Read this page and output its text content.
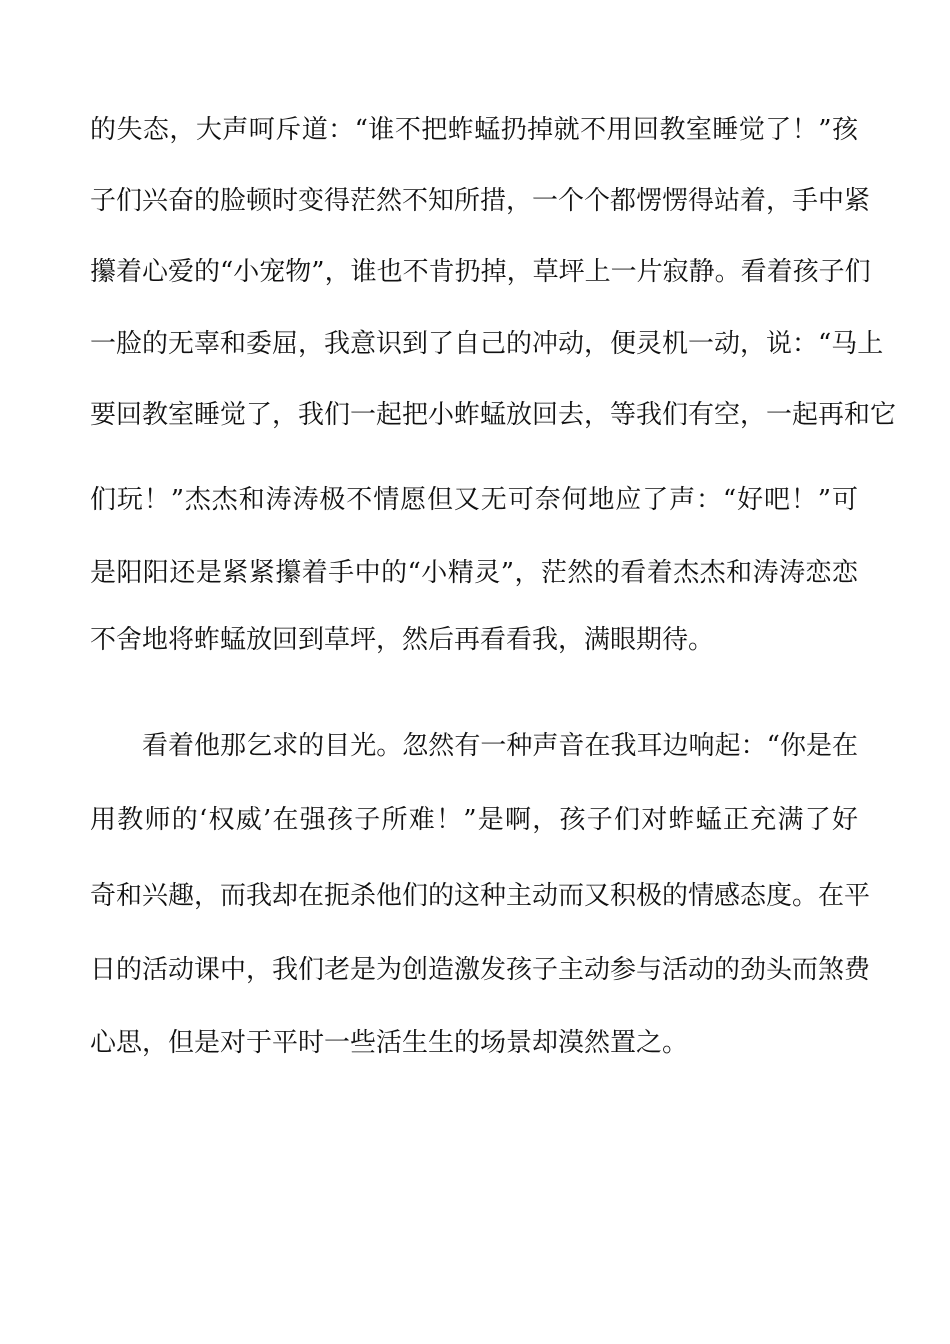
的失态，大声呵斥道：“谁不把蚱蜢扔掉就不用回教室睡觉了！”孩
子们兴奋的脸顿时变得茫然不知所措，一个个都愣愣得站着，手中紧
攥着心爱的“小宠物”，谁也不肯扔掉，草坪上一片寂静。看着孩子们
一脸的无辜和委屈，我意识到了自己的冲动，便灵机一动，说：“马上
要回教室睡觉了，我们一起把小蚱蜢放回去，等我们有空，一起再和它
们玩！”杰杰和涛涛极不情愿但又无可奈何地应了声：“好吧！”可
是阳阳还是紧紧攥着手中的“小精灵”，茫然的看着杰杰和涛涛恋恋
不舍地将蚱蜢放回到草坪，然后再看看我，满眼期待。
看着他那乞求的目光。忽然有一种声音在我耳边响起：“你是在
用教师的‘权威’在强孩子所难！”是啊，孩子们对蚱蜢正充满了好
奇和兴趣，而我却在扼杀他们的这种主动而又积极的情感态度。在平
日的活动课中，我们老是为创造激发孩子主动参与活动的劲头而煞费
心思，但是对于平时一些活生生的场景却漠然置之。
